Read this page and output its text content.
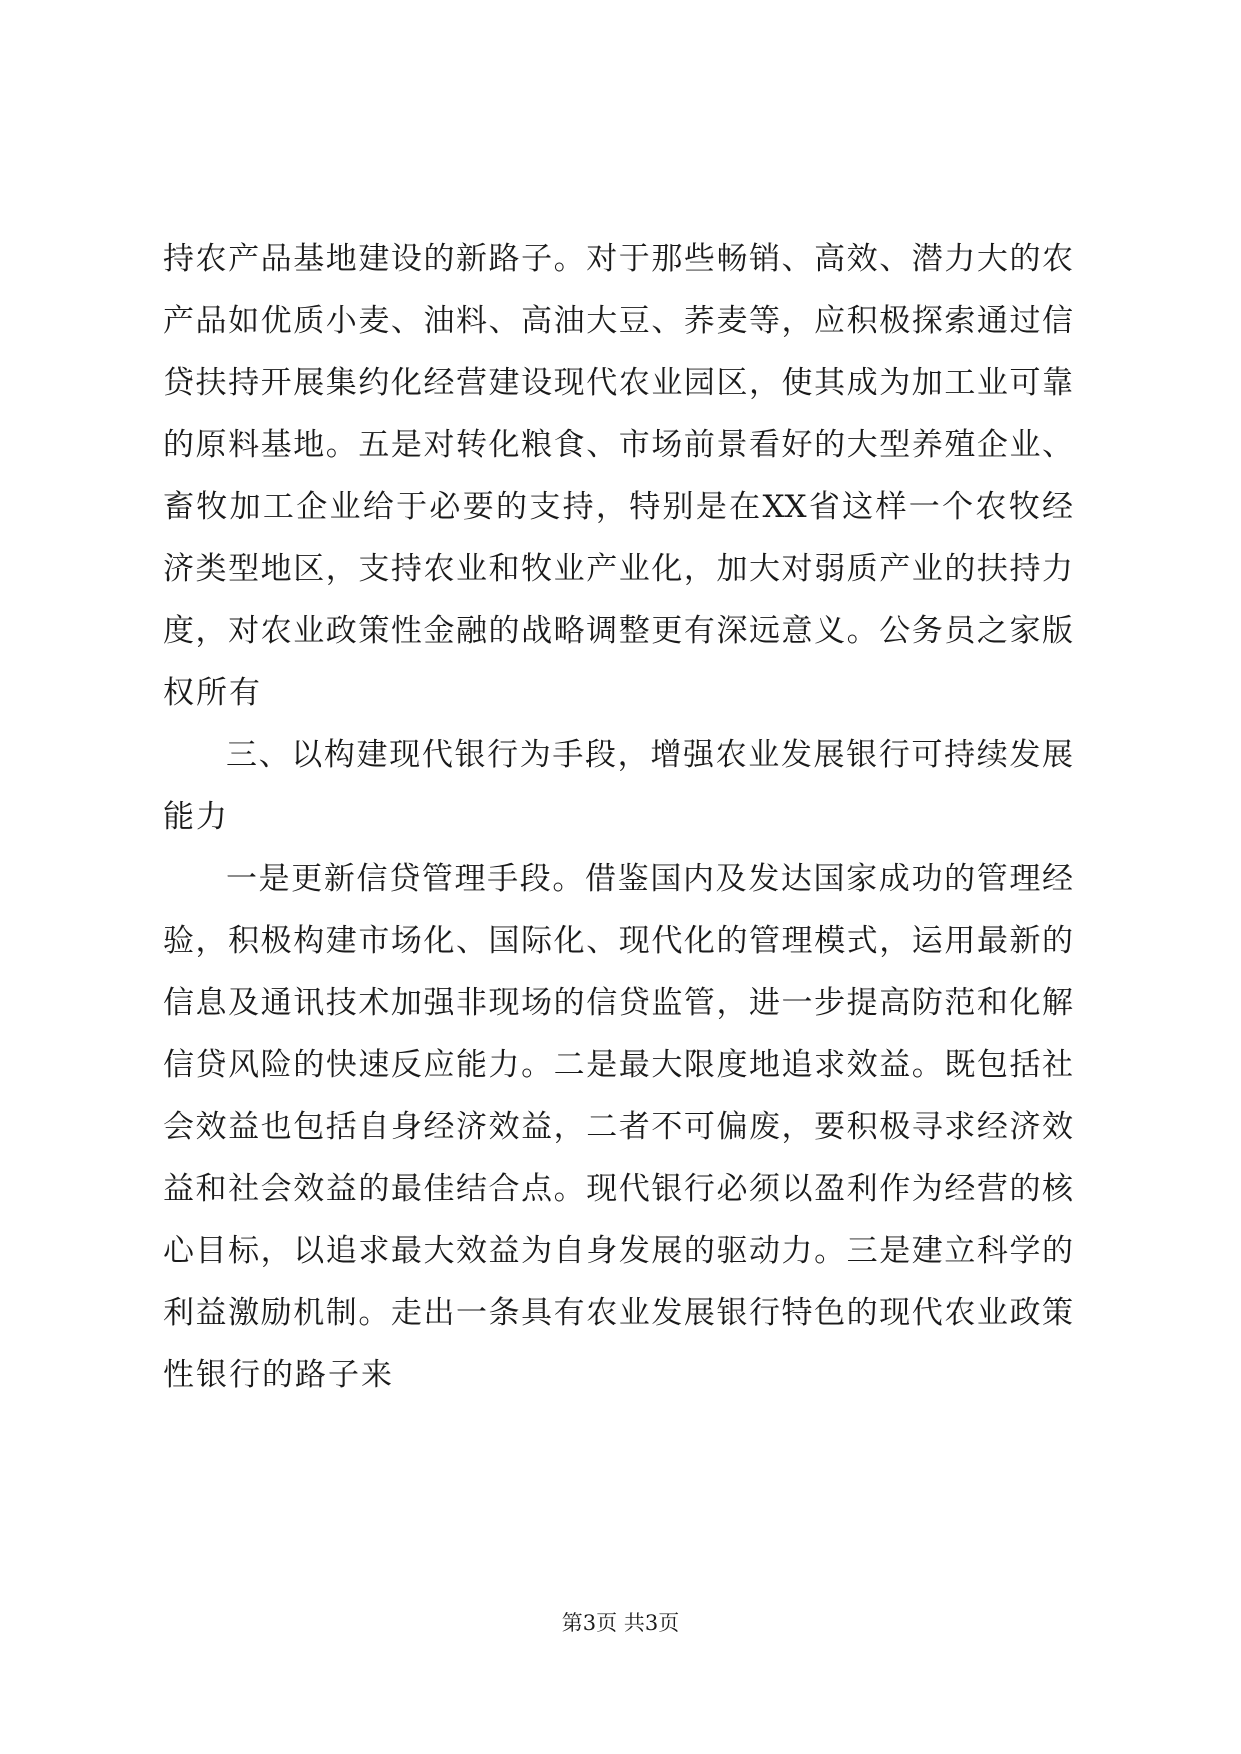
持农产品基地建设的新路子。对于那些畅销、高效、潜力大的农
产品如优质小麦、油料、高油大豆、荞麦等，应积极探索通过信
贷扶持开展集约化经营建设现代农业园区，使其成为加工业可靠
的原料基地。五是对转化粮食、市场前景看好的大型养殖企业、
畜牧加工企业给于必要的支持，特别是在XX省这样一个农牧经
济类型地区，支持农业和牧业产业化，加大对弱质产业的扶持力
度，对农业政策性金融的战略调整更有深远意义。公务员之家版
权所有
三、以构建现代银行为手段，增强农业发展银行可持续发展
能力
一是更新信贷管理手段。借鉴国内及发达国家成功的管理经
验，积极构建市场化、国际化、现代化的管理模式，运用最新的
信息及通讯技术加强非现场的信贷监管，进一步提高防范和化解
信贷风险的快速反应能力。二是最大限度地追求效益。既包括社
会效益也包括自身经济效益，二者不可偏废，要积极寻求经济效
益和社会效益的最佳结合点。现代银行必须以盈利作为经营的核
心目标，以追求最大效益为自身发展的驱动力。三是建立科学的
利益激励机制。走出一条具有农业发展银行特色的现代农业政策
性银行的路子来
第3页 共3页
